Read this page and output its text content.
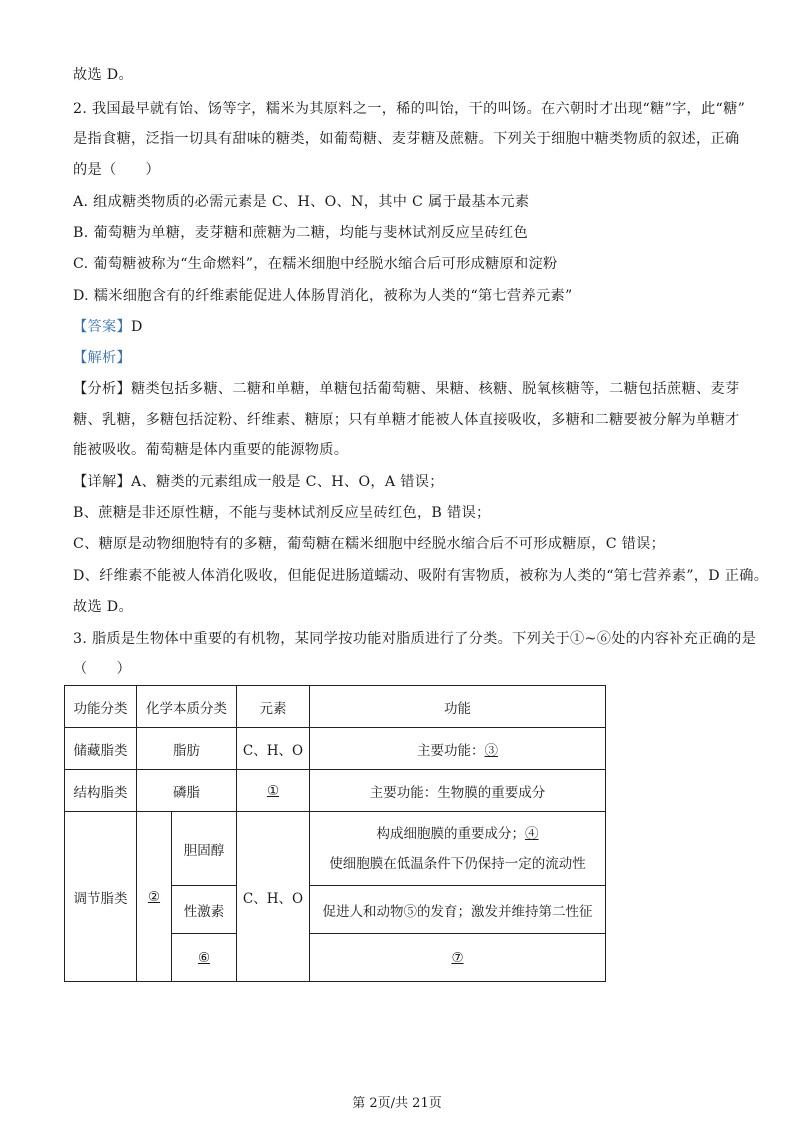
故选 D。
2. 我国最早就有饴、饧等字，糯米为其原料之一，稀的叫饴，干的叫饧。在六朝时才出现“糖”字，此“糖”
是指食糖，泛指一切具有甜味的糖类，如葡萄糖、麦芽糖及蔗糖。下列关于细胞中糖类物质的叙述，正确
的是（　　）
A. 组成糖类物质的必需元素是 C、H、O、N，其中 C 属于最基本元素
B. 葡萄糖为单糖，麦芽糖和蔗糖为二糖，均能与斐林试剂反应呈砖红色
C. 葡萄糖被称为“生命燃料”，在糯米细胞中经脱水缩合后可形成糖原和淀粉
D. 糯米细胞含有的纤维素能促进人体肠胃消化，被称为人类的“第七营养元素”
【答案】D
【解析】
【分析】糖类包括多糖、二糖和单糖，单糖包括葡萄糖、果糖、核糖、脱氧核糖等，二糖包括蔗糖、麦芽
糖、乳糖，多糖包括淀粉、纤维素、糖原；只有单糖才能被人体直接吸收，多糖和二糖要被分解为单糖才
能被吸收。葡萄糖是体内重要的能源物质。
【详解】A、糖类的元素组成一般是 C、H、O，A 错误；
B、蔗糖是非还原性糖，不能与斐林试剂反应呈砖红色，B 错误；
C、糖原是动物细胞特有的多糖，葡萄糖在糯米细胞中经脱水缩合后不可形成糖原，C 错误；
D、纤维素不能被人体消化吸收，但能促进肠道蠕动、吸附有害物质，被称为人类的“第七营养素”，D 正确。
故选 D。
3. 脂质是生物体中重要的有机物，某同学按功能对脂质进行了分类。下列关于①~⑥处的内容补充正确的是
（　　）
功能分类	化学本质分类		元素	功能
储藏脂类	脂肪		C、H、O	主要功能：③
结构脂类	磷脂		①	主要功能：生物膜的重要成分
调节脂类	②	胆固醇	C、H、O	构成细胞膜的重要成分；④
使细胞膜在低温条件下仍保持一定的流动性

		性激素		促进人和动物⑤的发育；激发并维持第二性征
		⑥		⑦
第 2页/共 21页
